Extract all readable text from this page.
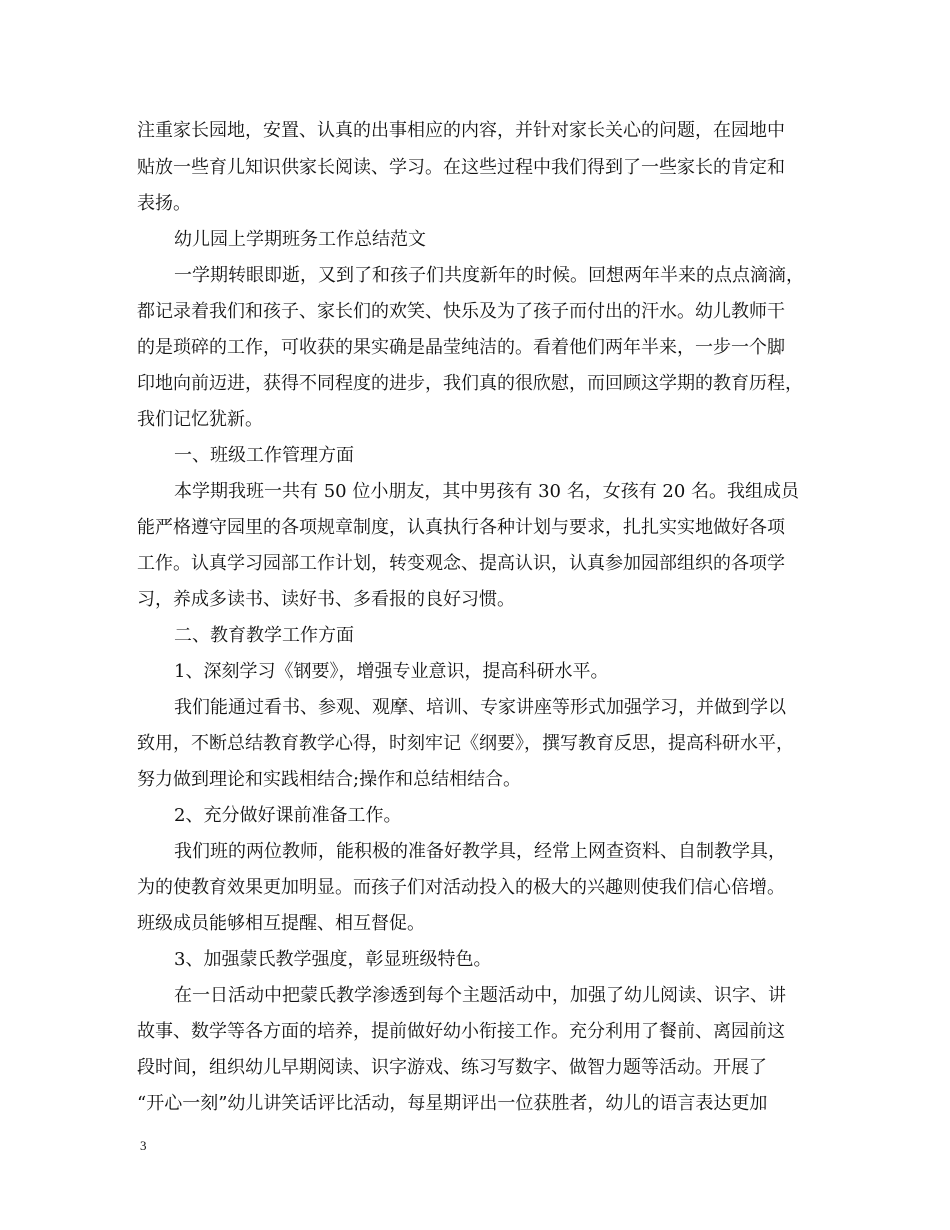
注重家长园地，安置、认真的出事相应的内容，并针对家长关心的问题，在园地中
贴放一些育儿知识供家长阅读、学习。在这些过程中我们得到了一些家长的肯定和
表扬。
幼儿园上学期班务工作总结范文
一学期转眼即逝，又到了和孩子们共度新年的时候。回想两年半来的点点滴滴，
都记录着我们和孩子、家长们的欢笑、快乐及为了孩子而付出的汗水。幼儿教师干
的是琐碎的工作，可收获的果实确是晶莹纯洁的。看着他们两年半来，一步一个脚
印地向前迈进，获得不同程度的进步，我们真的很欣慰，而回顾这学期的教育历程，
我们记忆犹新。
一、班级工作管理方面
本学期我班一共有 50 位小朋友，其中男孩有 30 名，女孩有 20 名。我组成员
能严格遵守园里的各项规章制度，认真执行各种计划与要求，扎扎实实地做好各项
工作。认真学习园部工作计划，转变观念、提高认识，认真参加园部组织的各项学
习，养成多读书、读好书、多看报的良好习惯。
二、教育教学工作方面
1、深刻学习《钢要》，增强专业意识，提高科研水平。
我们能通过看书、参观、观摩、培训、专家讲座等形式加强学习，并做到学以
致用，不断总结教育教学心得，时刻牢记《纲要》，撰写教育反思，提高科研水平，
努力做到理论和实践相结合;操作和总结相结合。
2、充分做好课前准备工作。
我们班的两位教师，能积极的准备好教学具，经常上网查资料、自制教学具，
为的使教育效果更加明显。而孩子们对活动投入的极大的兴趣则使我们信心倍增。
班级成员能够相互提醒、相互督促。
3、加强蒙氏教学强度，彰显班级特色。
在一日活动中把蒙氏教学渗透到每个主题活动中，加强了幼儿阅读、识字、讲
故事、数学等各方面的培养，提前做好幼小衔接工作。充分利用了餐前、离园前这
段时间，组织幼儿早期阅读、识字游戏、练习写数字、做智力题等活动。开展了
“开心一刻”幼儿讲笑话评比活动，每星期评出一位获胜者，幼儿的语言表达更加
3
